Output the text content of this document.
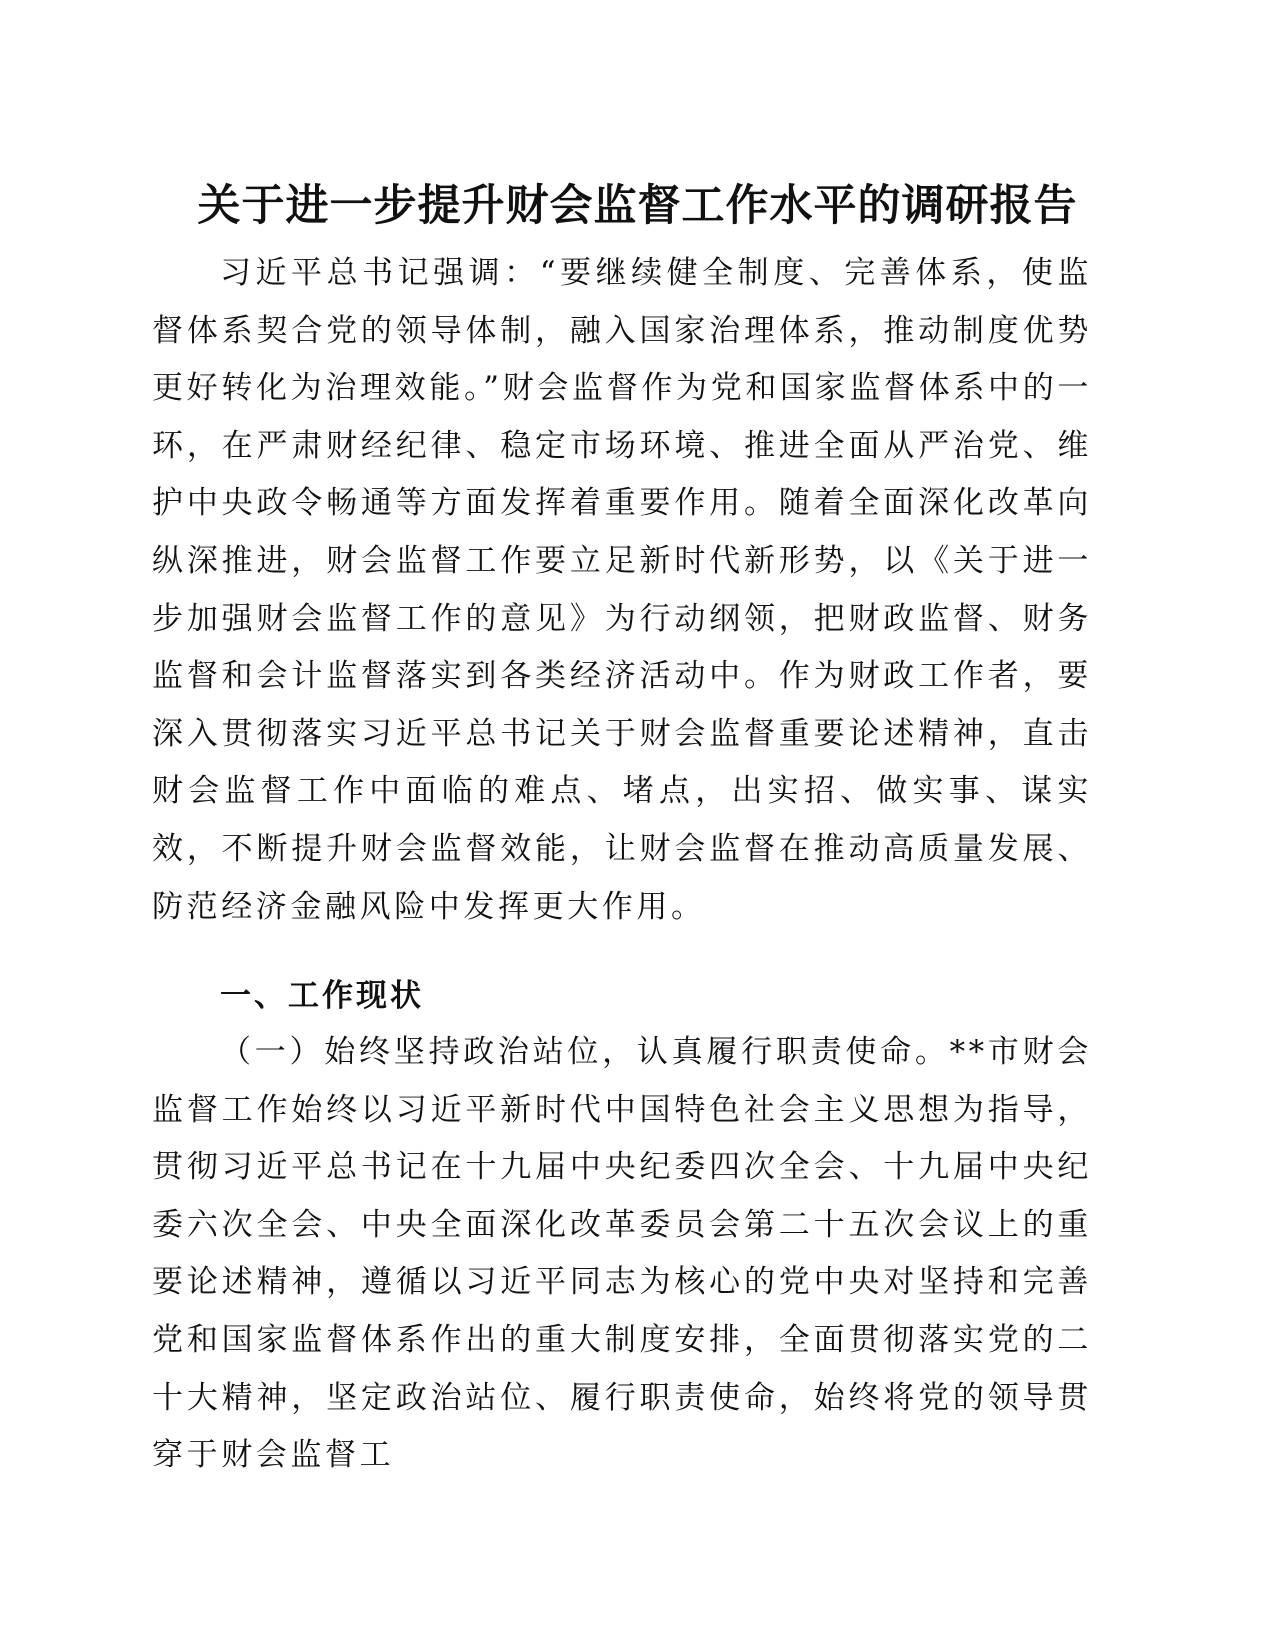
关于进一步提升财会监督工作水平的调研报告

习近平总书记强调：“要继续健全制度、完善体系，使监督体系契合党的领导体制，融入国家治理体系，推动制度优势更好转化为治理效能。”财会监督作为党和国家监督体系中的一环，在严肃财经纪律、稳定市场环境、推进全面从严治党、维护中央政令畅通等方面发挥着重要作用。随着全面深化改革向纵深推进，财会监督工作要立足新时代新形势，以《关于进一步加强财会监督工作的意见》为行动纲领，把财政监督、财务监督和会计监督落实到各类经济活动中。作为财政工作者，要深入贯彻落实习近平总书记关于财会监督重要论述精神，直击财会监督工作中面临的难点、堵点，出实招、做实事、谋实效，不断提升财会监督效能，让财会监督在推动高质量发展、防范经济金融风险中发挥更大作用。

一、工作现状

（一）始终坚持政治站位，认真履行职责使命。**市财会监督工作始终以习近平新时代中国特色社会主义思想为指导，贯彻习近平总书记在十九届中央纪委四次全会、十九届中央纪委六次全会、中央全面深化改革委员会第二十五次会议上的重要论述精神，遵循以习近平同志为核心的党中央对坚持和完善党和国家监督体系作出的重大制度安排，全面贯彻落实党的二十大精神，坚定政治站位、履行职责使命，始终将党的领导贯穿于财会监督工
